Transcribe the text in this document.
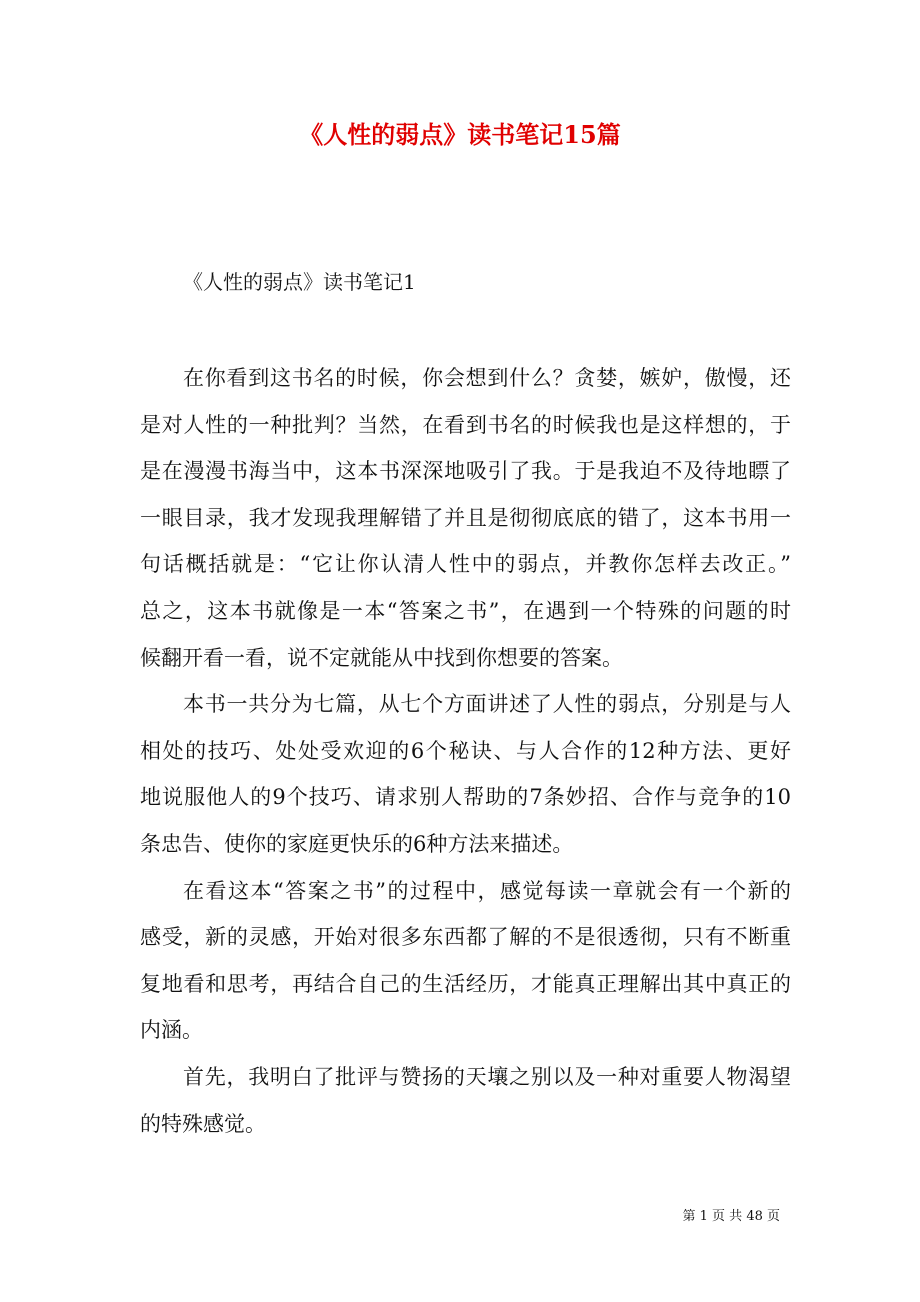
《人性的弱点》读书笔记15篇
《人性的弱点》读书笔记1
在你看到这书名的时候，你会想到什么？贪婪，嫉妒，傲慢，还
是对人性的一种批判？当然，在看到书名的时候我也是这样想的，于
是在漫漫书海当中，这本书深深地吸引了我。于是我迫不及待地瞟了
一眼目录，我才发现我理解错了并且是彻彻底底的错了，这本书用一
句话概括就是：“它让你认清人性中的弱点，并教你怎样去改正。”
总之，这本书就像是一本“答案之书”，在遇到一个特殊的问题的时
候翻开看一看，说不定就能从中找到你想要的答案。
本书一共分为七篇，从七个方面讲述了人性的弱点，分别是与人
相处的技巧、处处受欢迎的6个秘诀、与人合作的12种方法、更好
地说服他人的9个技巧、请求别人帮助的7条妙招、合作与竞争的10
条忠告、使你的家庭更快乐的6种方法来描述。
在看这本“答案之书”的过程中，感觉每读一章就会有一个新的
感受，新的灵感，开始对很多东西都了解的不是很透彻，只有不断重
复地看和思考，再结合自己的生活经历，才能真正理解出其中真正的
内涵。
首先，我明白了批评与赞扬的天壤之别以及一种对重要人物渴望
的特殊感觉。
第 1 页 共 48 页
